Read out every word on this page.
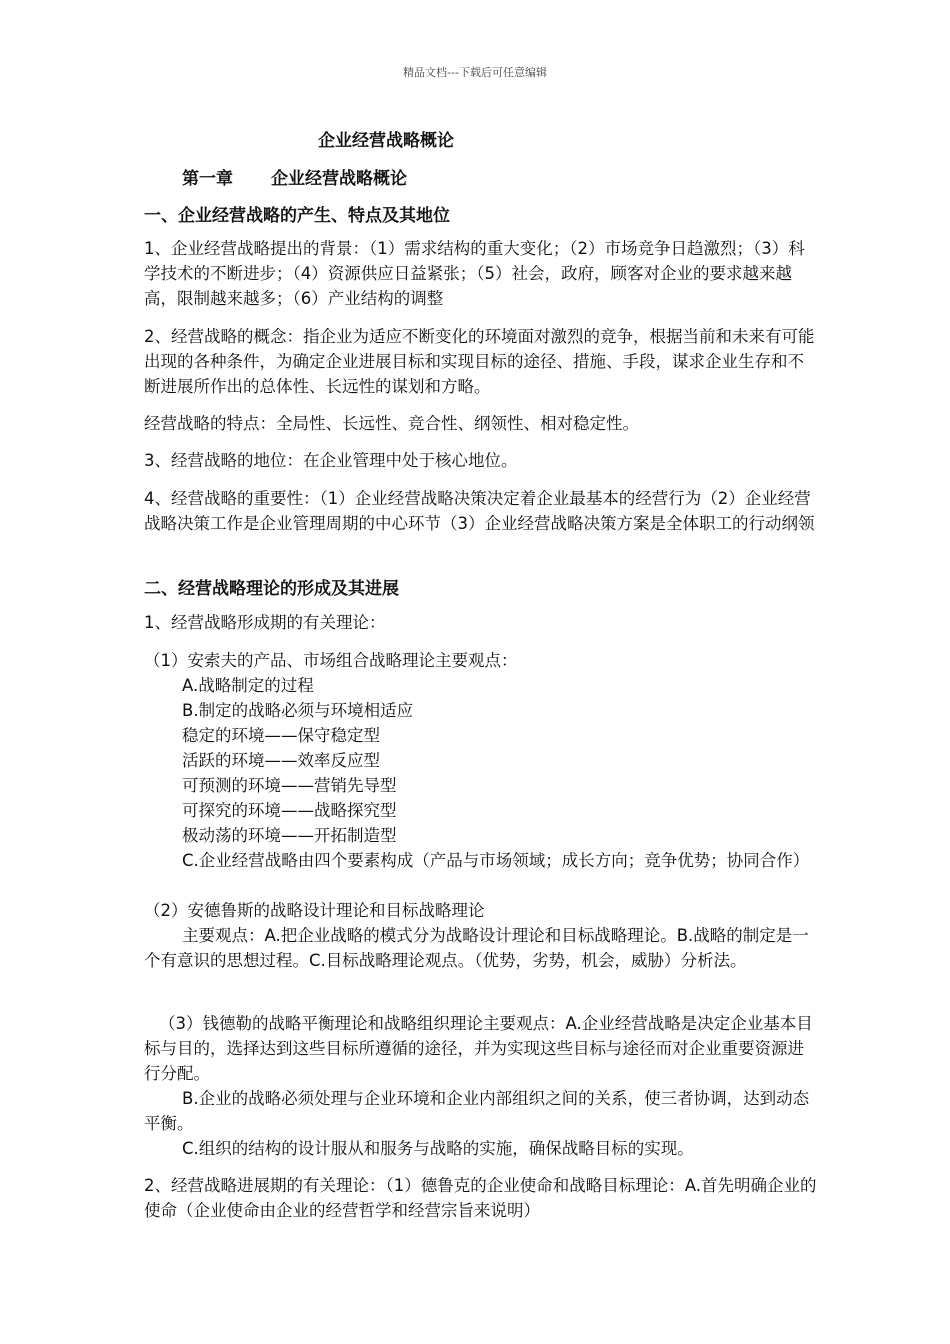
精品文档---下载后可任意编辑
企业经营战略概论
第一章 企业经营战略概论
一、企业经营战略的产生、特点及其地位
1、企业经营战略提出的背景：（1）需求结构的重大变化；（2）市场竞争日趋激烈；（3）科学技术的不断进步；（4）资源供应日益紧张；（5）社会，政府，顾客对企业的要求越来越高，限制越来越多；（6）产业结构的调整
2、经营战略的概念：指企业为适应不断变化的环境面对激烈的竞争，根据当前和未来有可能出现的各种条件，为确定企业进展目标和实现目标的途径、措施、手段，谋求企业生存和不断进展所作出的总体性、长远性的谋划和方略。
经营战略的特点：全局性、长远性、竞合性、纲领性、相对稳定性。
3、经营战略的地位：在企业管理中处于核心地位。
4、经营战略的重要性：（1）企业经营战略决策决定着企业最基本的经营行为（2）企业经营战略决策工作是企业管理周期的中心环节（3）企业经营战略决策方案是全体职工的行动纲领
二、经营战略理论的形成及其进展
1、经营战略形成期的有关理论：
（1）安索夫的产品、市场组合战略理论主要观点：
A.战略制定的过程
B.制定的战略必须与环境相适应
稳定的环境——保守稳定型
活跃的环境——效率反应型
可预测的环境——营销先导型
可探究的环境——战略探究型
极动荡的环境——开拓制造型
C.企业经营战略由四个要素构成（产品与市场领域；成长方向；竞争优势；协同合作）
（2）安德鲁斯的战略设计理论和目标战略理论
主要观点：A.把企业战略的模式分为战略设计理论和目标战略理论。B.战略的制定是一个有意识的思想过程。C.目标战略理论观点。（优势，劣势，机会，威胁）分析法。
（3）钱德勒的战略平衡理论和战略组织理论主要观点：A.企业经营战略是决定企业基本目标与目的，选择达到这些目标所遵循的途径，并为实现这些目标与途径而对企业重要资源进行分配。
B.企业的战略必须处理与企业环境和企业内部组织之间的关系，使三者协调，达到动态平衡。
C.组织的结构的设计服从和服务与战略的实施，确保战略目标的实现。
2、经营战略进展期的有关理论：（1）德鲁克的企业使命和战略目标理论：A.首先明确企业的使命（企业使命由企业的经营哲学和经营宗旨来说明）
